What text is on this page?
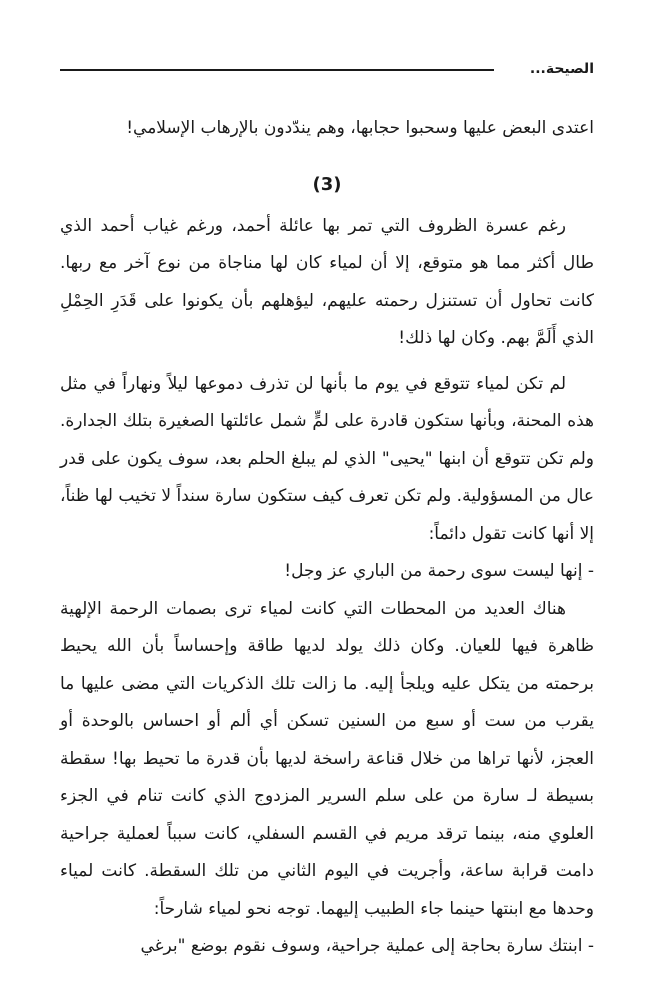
الصيحة...

اعتدى البعض عليها وسحبوا حجابها، وهم يندّدون بالإرهاب الإسلامي!

(3)

رغم عسرة الظروف التي تمر بها عائلة أحمد، ورغم غياب أحمد الذي طال أكثر مما هو متوقع، إلا أن لمياء كان لها مناجاة من نوع آخر مع ربها. كانت تحاول أن تستنزل رحمته عليهم، ليؤهلهم بأن يكونوا على قَدَرِ الحِمْلِ الذي أَلَمَّ بهم. وكان لها ذلك!

لم تكن لمياء تتوقع في يوم ما بأنها لن تذرف دموعها ليلاً ونهاراً في مثل هذه المحنة، وبأنها ستكون قادرة على لمٍّ شمل عائلتها الصغيرة بتلك الجدارة. ولم تكن تتوقع أن ابنها "يحيى" الذي لم يبلغ الحلم بعد، سوف يكون على قدر عال من المسؤولية. ولم تكن تعرف كيف ستكون سارة سنداً لا تخيب لها ظناً، إلا أنها كانت تقول دائماً:

- إنها ليست سوى رحمة من الباري عز وجل!

هناك العديد من المحطات التي كانت لمياء ترى بصمات الرحمة الإلهية ظاهرة فيها للعيان. وكان ذلك يولد لديها طاقة وإحساساً بأن الله يحيط برحمته من يتكل عليه ويلجأ إليه. ما زالت تلك الذكريات التي مضى عليها ما يقرب من ست أو سبع من السنين تسكن أي ألم أو احساس بالوحدة أو العجز، لأنها تراها من خلال قناعة راسخة لديها بأن قدرة ما تحيط بها! سقطة بسيطة لـ سارة من على سلم السرير المزدوج الذي كانت تنام في الجزء العلوي منه، بينما ترقد مريم في القسم السفلي، كانت سبباً لعملية جراحية دامت قرابة ساعة، وأجريت في اليوم الثاني من تلك السقطة. كانت لمياء وحدها مع ابنتها حينما جاء الطبيب إليهما. توجه نحو لمياء شارحاً:

- ابنتك سارة بحاجة إلى عملية جراحية، وسوف نقوم بوضع "برغي
